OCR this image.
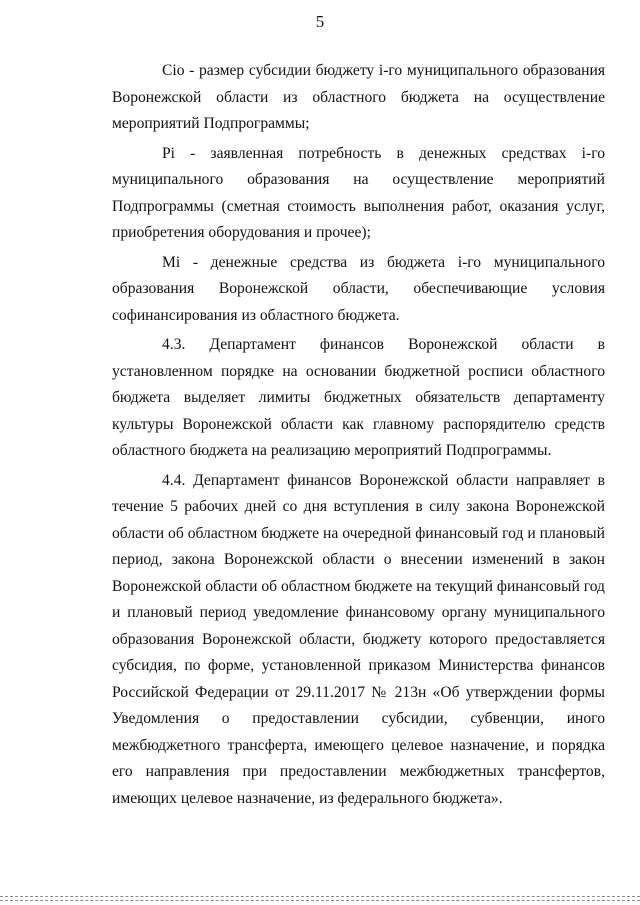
5

Cio - размер субсидии бюджету i-го муниципального образования Воронежской области из областного бюджета на осуществление мероприятий Подпрограммы;

Pi - заявленная потребность в денежных средствах i-го муниципального образования на осуществление мероприятий Подпрограммы (сметная стоимость выполнения работ, оказания услуг, приобретения оборудования и прочее);

Mi - денежные средства из бюджета i-го муниципального образования Воронежской области, обеспечивающие условия софинансирования из областного бюджета.

4.3. Департамент финансов Воронежской области в установленном порядке на основании бюджетной росписи областного бюджета выделяет лимиты бюджетных обязательств департаменту культуры Воронежской области как главному распорядителю средств областного бюджета на реализацию мероприятий Подпрограммы.

4.4. Департамент финансов Воронежской области направляет в течение 5 рабочих дней со дня вступления в силу закона Воронежской области об областном бюджете на очередной финансовый год и плановый период, закона Воронежской области о внесении изменений в закон Воронежской области об областном бюджете на текущий финансовый год и плановый период уведомление финансовому органу муниципального образования Воронежской области, бюджету которого предоставляется субсидия, по форме, установленной приказом Министерства финансов Российской Федерации от 29.11.2017 № 213н «Об утверждении формы Уведомления о предоставлении субсидии, субвенции, иного межбюджетного трансферта, имеющего целевое назначение, и порядка его направления при предоставлении межбюджетных трансфертов, имеющих целевое назначение, из федерального бюджета».
